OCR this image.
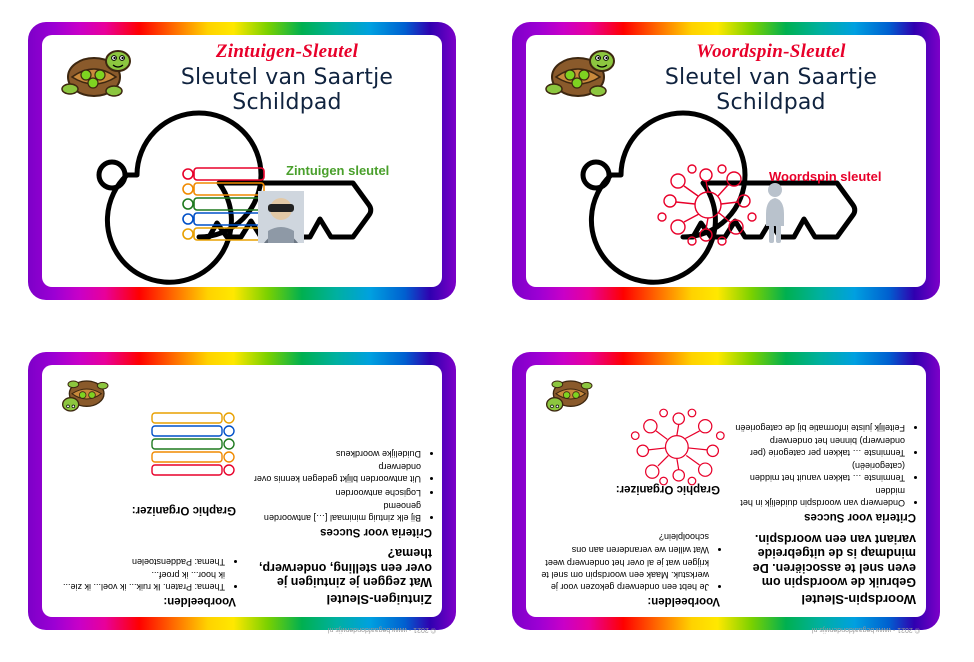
Zintuigen-Sleutel

Sleutel van Saartje Schildpad

Zintuigen sleutel

Woordspin-Sleutel

Sleutel van Saartje Schildpad

Woordspin sleutel
© 2021 - www.begaafdonderwijs.nl

Zintuigen-Sleutel

Wat zeggen je zintuigen je over een stelling, onderwerp, thema?

Criteria voor Succes

• Bij elk zintuig minimaal […] antwoorden genoemd
• Logische antwoorden
• Uit antwoorden blijkt gedegen kennis over onderwerp
• Duidelijke woordkeus

Voorbeelden:

• Thema: Praten. Ik ruik... ik voel... ik zie... ik hoor... ik proef...
• Thema: Paddenstoelen

Graphic Organizer:

© 2021 - www.begaafdonderwijs.nl

Woordspin-Sleutel

Gebruik de woordspin om even snel te associëren. De mindmap is de uitgebreide variant van een woordspin.

Criteria voor Succes

• Onderwerp van woordspin duidelijk in het midden
• Tenminste … takken vanuit het midden (categorieën)
• Tenminste … takken per categorie (per onderwerp) binnen het onderwerp
• Feitelijk juiste informatie bij de categorieën

Voorbeelden:

• Je hebt een onderwerp gekozen voor je werkstuk. Maak een woordspin om snel te krijgen wat je al over het onderwerp weet
• Wat willen we veranderen aan ons schoolplein?

Graphic Organizer:
